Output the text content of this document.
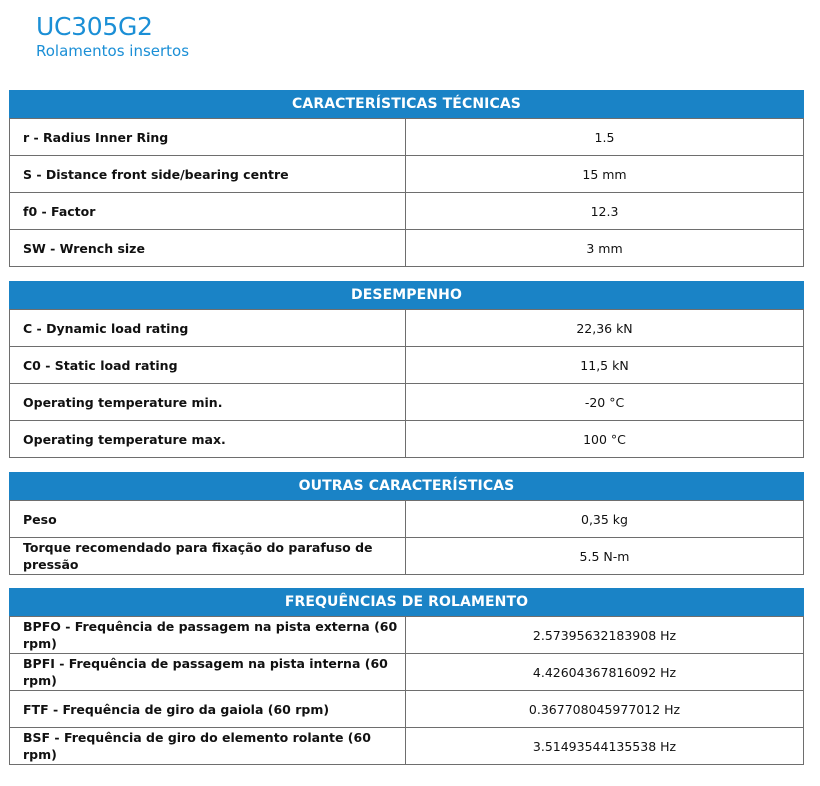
UC305G2
Rolamentos insertos
CARACTERÍSTICAS TÉCNICAS
r - Radius Inner Ring	1.5
S - Distance front side/bearing centre	15 mm
f0 - Factor	12.3
SW - Wrench size	3 mm
DESEMPENHO
C - Dynamic load rating	22,36 kN
C0 - Static load rating	11,5 kN
Operating temperature min.	-20 °C
Operating temperature max.	100 °C
OUTRAS CARACTERÍSTICAS
Peso	0,35 kg
Torque recomendado para fixação do parafuso de pressão	5.5 N-m
FREQUÊNCIAS DE ROLAMENTO
BPFO - Frequência de passagem na pista externa (60 rpm)	2.57395632183908 Hz
BPFI - Frequência de passagem na pista interna (60 rpm)	4.42604367816092 Hz
FTF - Frequência de giro da gaiola (60 rpm)	0.367708045977012 Hz
BSF - Frequência de giro do elemento rolante (60 rpm)	3.51493544135538 Hz
